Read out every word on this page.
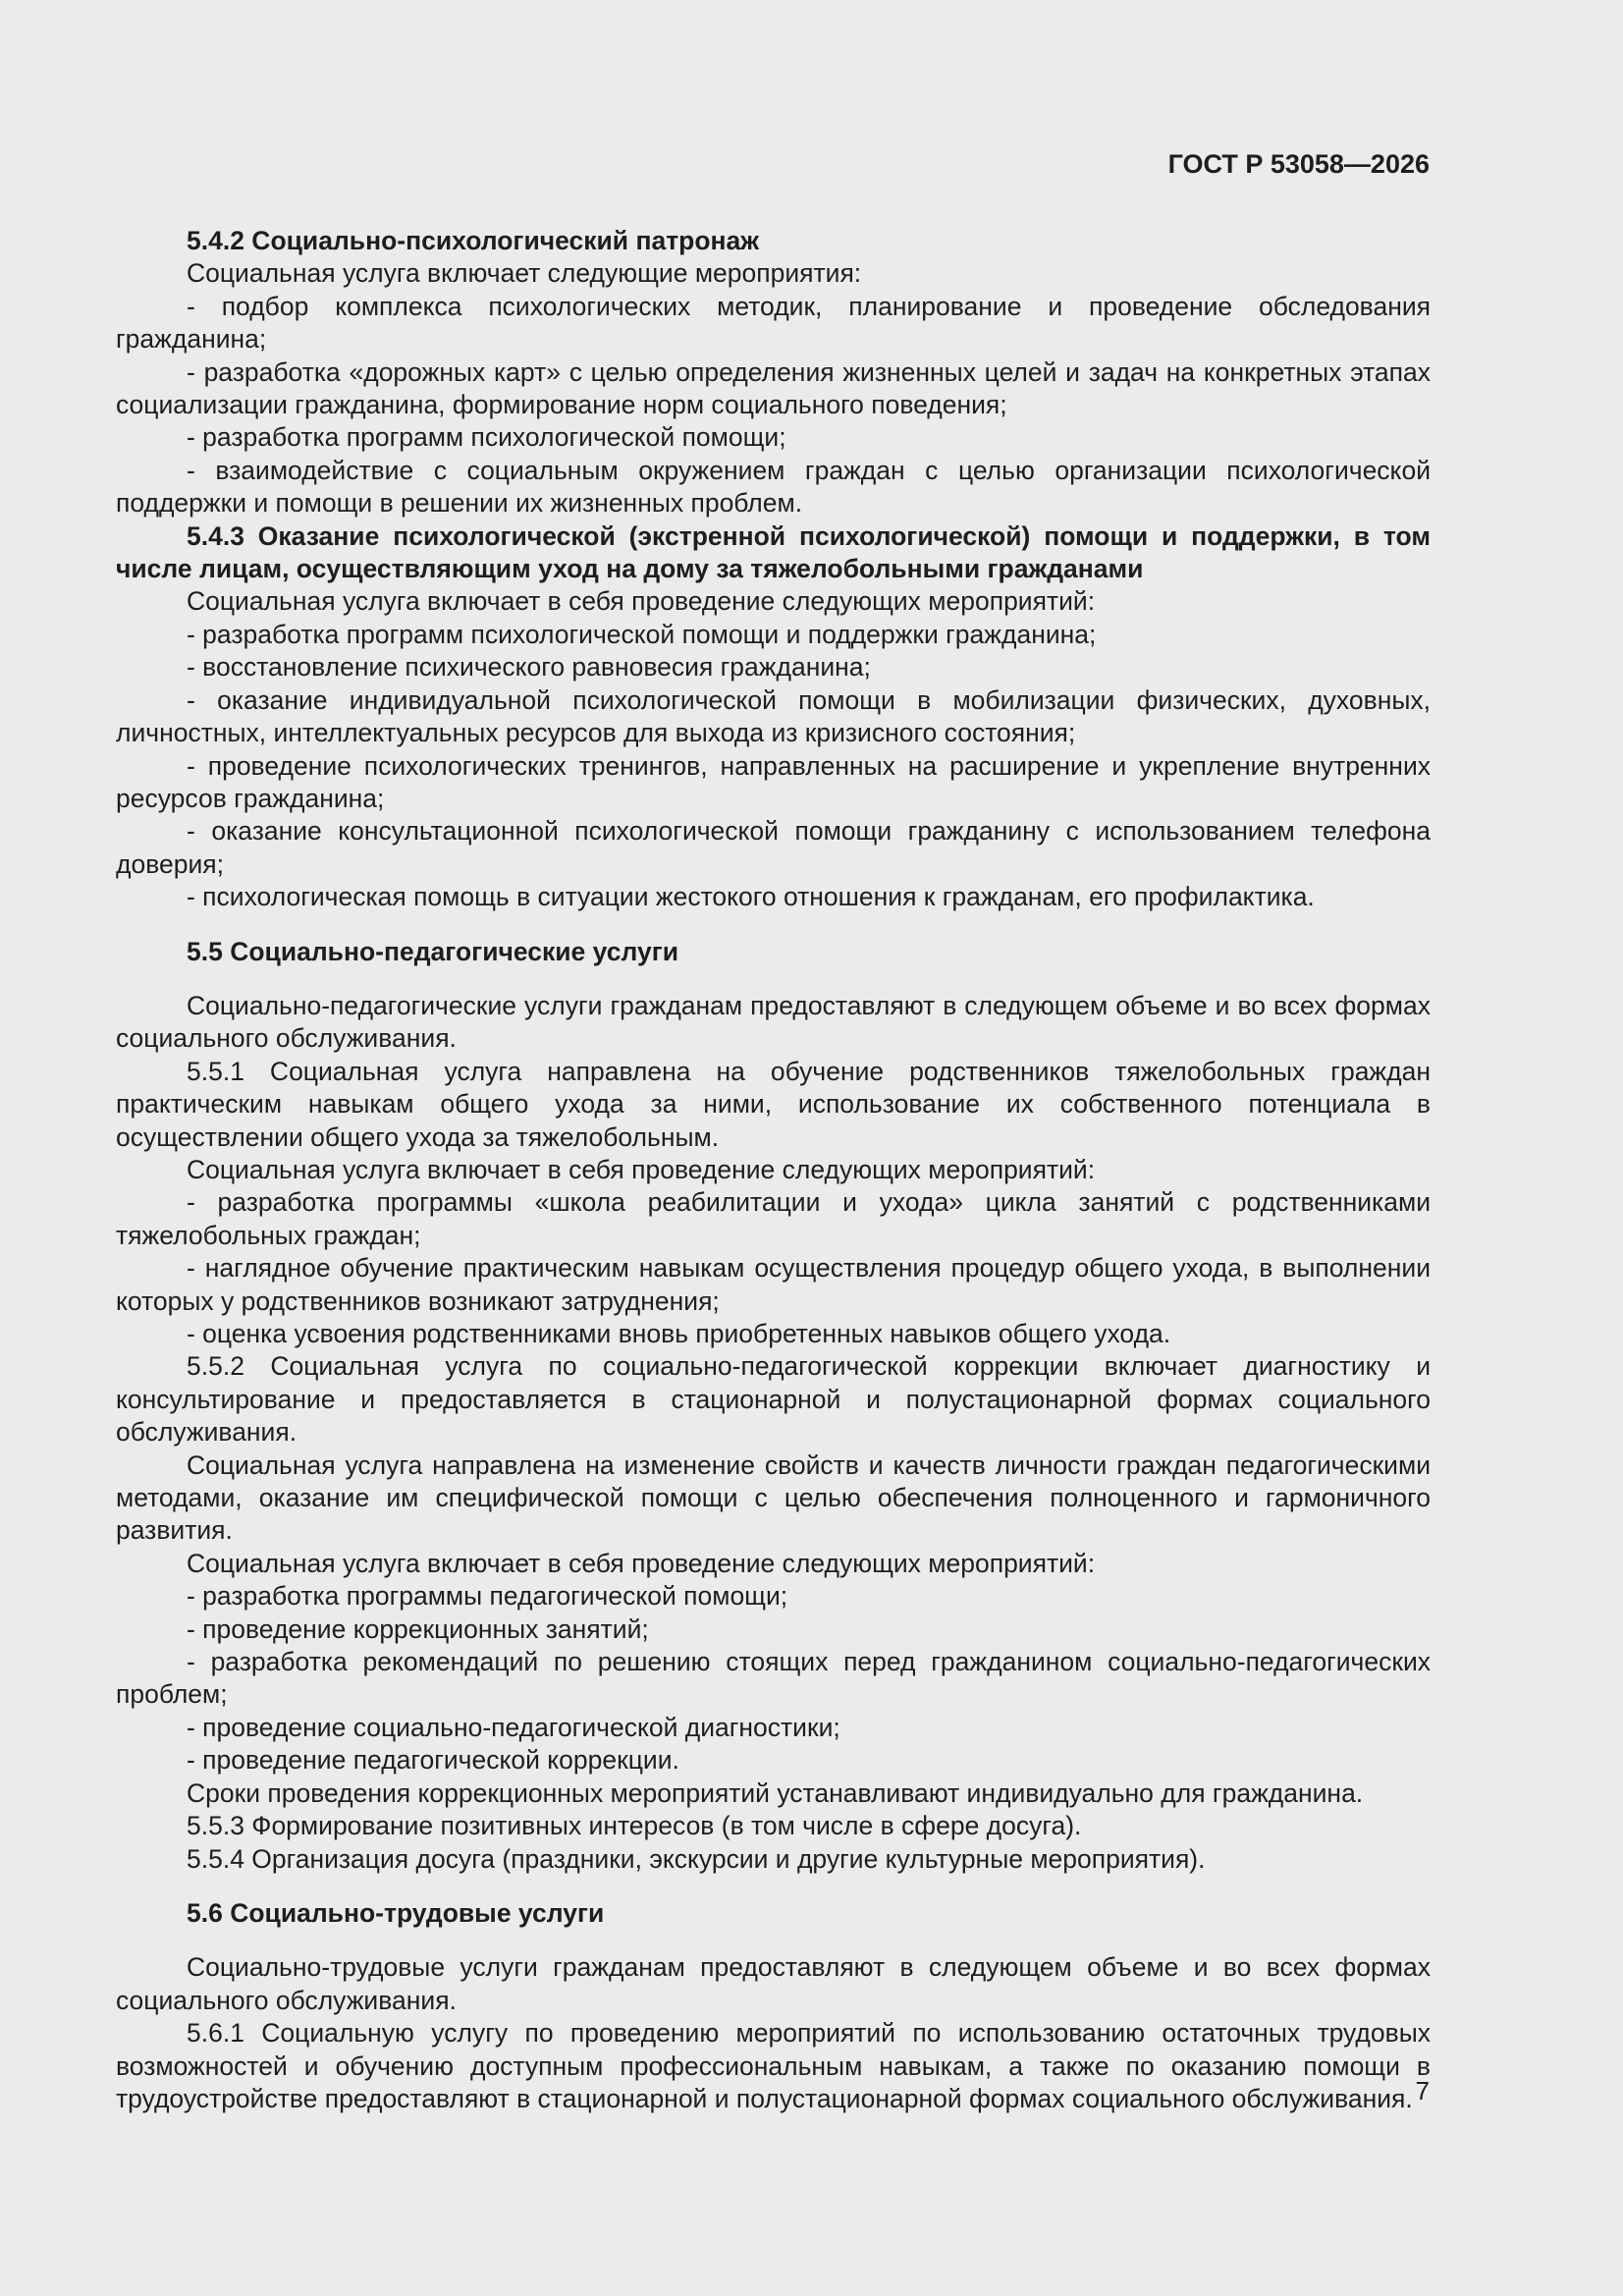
ГОСТ Р 53058—2026

5.4.2 Социально-психологический патронаж

Социальная услуга включает следующие мероприятия:

- подбор комплекса психологических методик, планирование и проведение обследования гражданина;

- разработка «дорожных карт» с целью определения жизненных целей и задач на конкретных этапах социализации гражданина, формирование норм социального поведения;

- разработка программ психологической помощи;

- взаимодействие с социальным окружением граждан с целью организации психологической поддержки и помощи в решении их жизненных проблем.

5.4.3 Оказание психологической (экстренной психологической) помощи и поддержки, в том числе лицам, осуществляющим уход на дому за тяжелобольными гражданами

Социальная услуга включает в себя проведение следующих мероприятий:

- разработка программ психологической помощи и поддержки гражданина;

- восстановление психического равновесия гражданина;

- оказание индивидуальной психологической помощи в мобилизации физических, духовных, личностных, интеллектуальных ресурсов для выхода из кризисного состояния;

- проведение психологических тренингов, направленных на расширение и укрепление внутренних ресурсов гражданина;

- оказание консультационной психологической помощи гражданину с использованием телефона доверия;

- психологическая помощь в ситуации жестокого отношения к гражданам, его профилактика.

5.5 Социально-педагогические услуги

Социально-педагогические услуги гражданам предоставляют в следующем объеме и во всех формах социального обслуживания.

5.5.1 Социальная услуга направлена на обучение родственников тяжелобольных граждан практическим навыкам общего ухода за ними, использование их собственного потенциала в осуществлении общего ухода за тяжелобольным.

Социальная услуга включает в себя проведение следующих мероприятий:

- разработка программы «школа реабилитации и ухода» цикла занятий с родственниками тяжелобольных граждан;

- наглядное обучение практическим навыкам осуществления процедур общего ухода, в выполнении которых у родственников возникают затруднения;

- оценка усвоения родственниками вновь приобретенных навыков общего ухода.

5.5.2 Социальная услуга по социально-педагогической коррекции включает диагностику и консультирование и предоставляется в стационарной и полустационарной формах социального обслуживания.

Социальная услуга направлена на изменение свойств и качеств личности граждан педагогическими методами, оказание им специфической помощи с целью обеспечения полноценного и гармоничного развития.

Социальная услуга включает в себя проведение следующих мероприятий:

- разработка программы педагогической помощи;

- проведение коррекционных занятий;

- разработка рекомендаций по решению стоящих перед гражданином социально-педагогических проблем;

- проведение социально-педагогической диагностики;

- проведение педагогической коррекции.

Сроки проведения коррекционных мероприятий устанавливают индивидуально для гражданина.

5.5.3 Формирование позитивных интересов (в том числе в сфере досуга).

5.5.4 Организация досуга (праздники, экскурсии и другие культурные мероприятия).

5.6 Социально-трудовые услуги

Социально-трудовые услуги гражданам предоставляют в следующем объеме и во всех формах социального обслуживания.

5.6.1 Социальную услугу по проведению мероприятий по использованию остаточных трудовых возможностей и обучению доступным профессиональным навыкам, а также по оказанию помощи в трудоустройстве предоставляют в стационарной и полустационарной формах социального обслуживания. 7
